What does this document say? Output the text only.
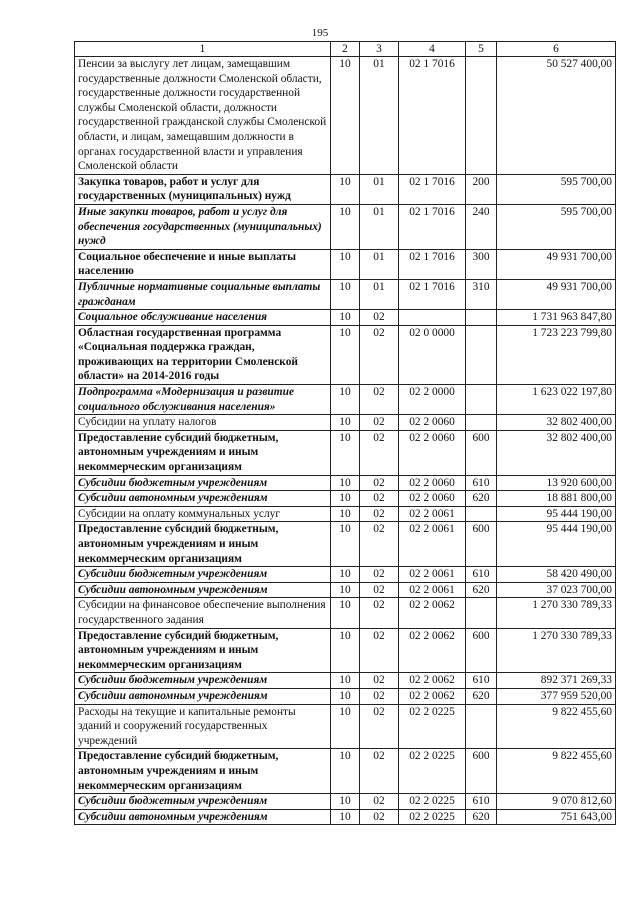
195
1	2	3	4	5	6
Пенсии за выслугу лет лицам, замещавшим государственные должности Смоленской области, государственные должности государственной службы Смоленской области, должности государственной гражданской службы Смоленской области, и лицам, замещавшим должности в органах государственной власти и управления Смоленской области	10	01	02 1 7016		50 527 400,00
Закупка товаров, работ и услуг для государственных (муниципальных) нужд	10	01	02 1 7016	200	595 700,00
Иные закупки товаров, работ и услуг для обеспечения государственных (муниципальных) нужд	10	01	02 1 7016	240	595 700,00
Социальное обеспечение и иные выплаты населению	10	01	02 1 7016	300	49 931 700,00
Публичные нормативные социальные выплаты гражданам	10	01	02 1 7016	310	49 931 700,00
Социальное обслуживание населения	10	02			1 731 963 847,80
Областная государственная программа «Социальная поддержка граждан, проживающих на территории Смоленской области» на 2014-2016 годы	10	02	02 0 0000		1 723 223 799,80
Подпрограмма «Модернизация и развитие социального обслуживания населения»	10	02	02 2 0000		1 623 022 197,80
Субсидии на уплату налогов	10	02	02 2 0060		32 802 400,00
Предоставление субсидий бюджетным, автономным учреждениям и иным некоммерческим организациям	10	02	02 2 0060	600	32 802 400,00
Субсидии бюджетным учреждениям	10	02	02 2 0060	610	13 920 600,00
Субсидии автономным учреждениям	10	02	02 2 0060	620	18 881 800,00
Субсидии на оплату коммунальных услуг	10	02	02 2 0061		95 444 190,00
Предоставление субсидий бюджетным, автономным учреждениям и иным некоммерческим организациям	10	02	02 2 0061	600	95 444 190,00
Субсидии бюджетным учреждениям	10	02	02 2 0061	610	58 420 490,00
Субсидии автономным учреждениям	10	02	02 2 0061	620	37 023 700,00
Субсидии на финансовое обеспечение выполнения государственного задания	10	02	02 2 0062		1 270 330 789,33
Предоставление субсидий бюджетным, автономным учреждениям и иным некоммерческим организациям	10	02	02 2 0062	600	1 270 330 789,33
Субсидии бюджетным учреждениям	10	02	02 2 0062	610	892 371 269,33
Субсидии автономным учреждениям	10	02	02 2 0062	620	377 959 520,00
Расходы на текущие и капитальные ремонты зданий и сооружений государственных учреждений	10	02	02 2 0225		9 822 455,60
Предоставление субсидий бюджетным, автономным учреждениям и иным некоммерческим организациям	10	02	02 2 0225	600	9 822 455,60
Субсидии бюджетным учреждениям	10	02	02 2 0225	610	9 070 812,60
Субсидии автономным учреждениям	10	02	02 2 0225	620	751 643,00
